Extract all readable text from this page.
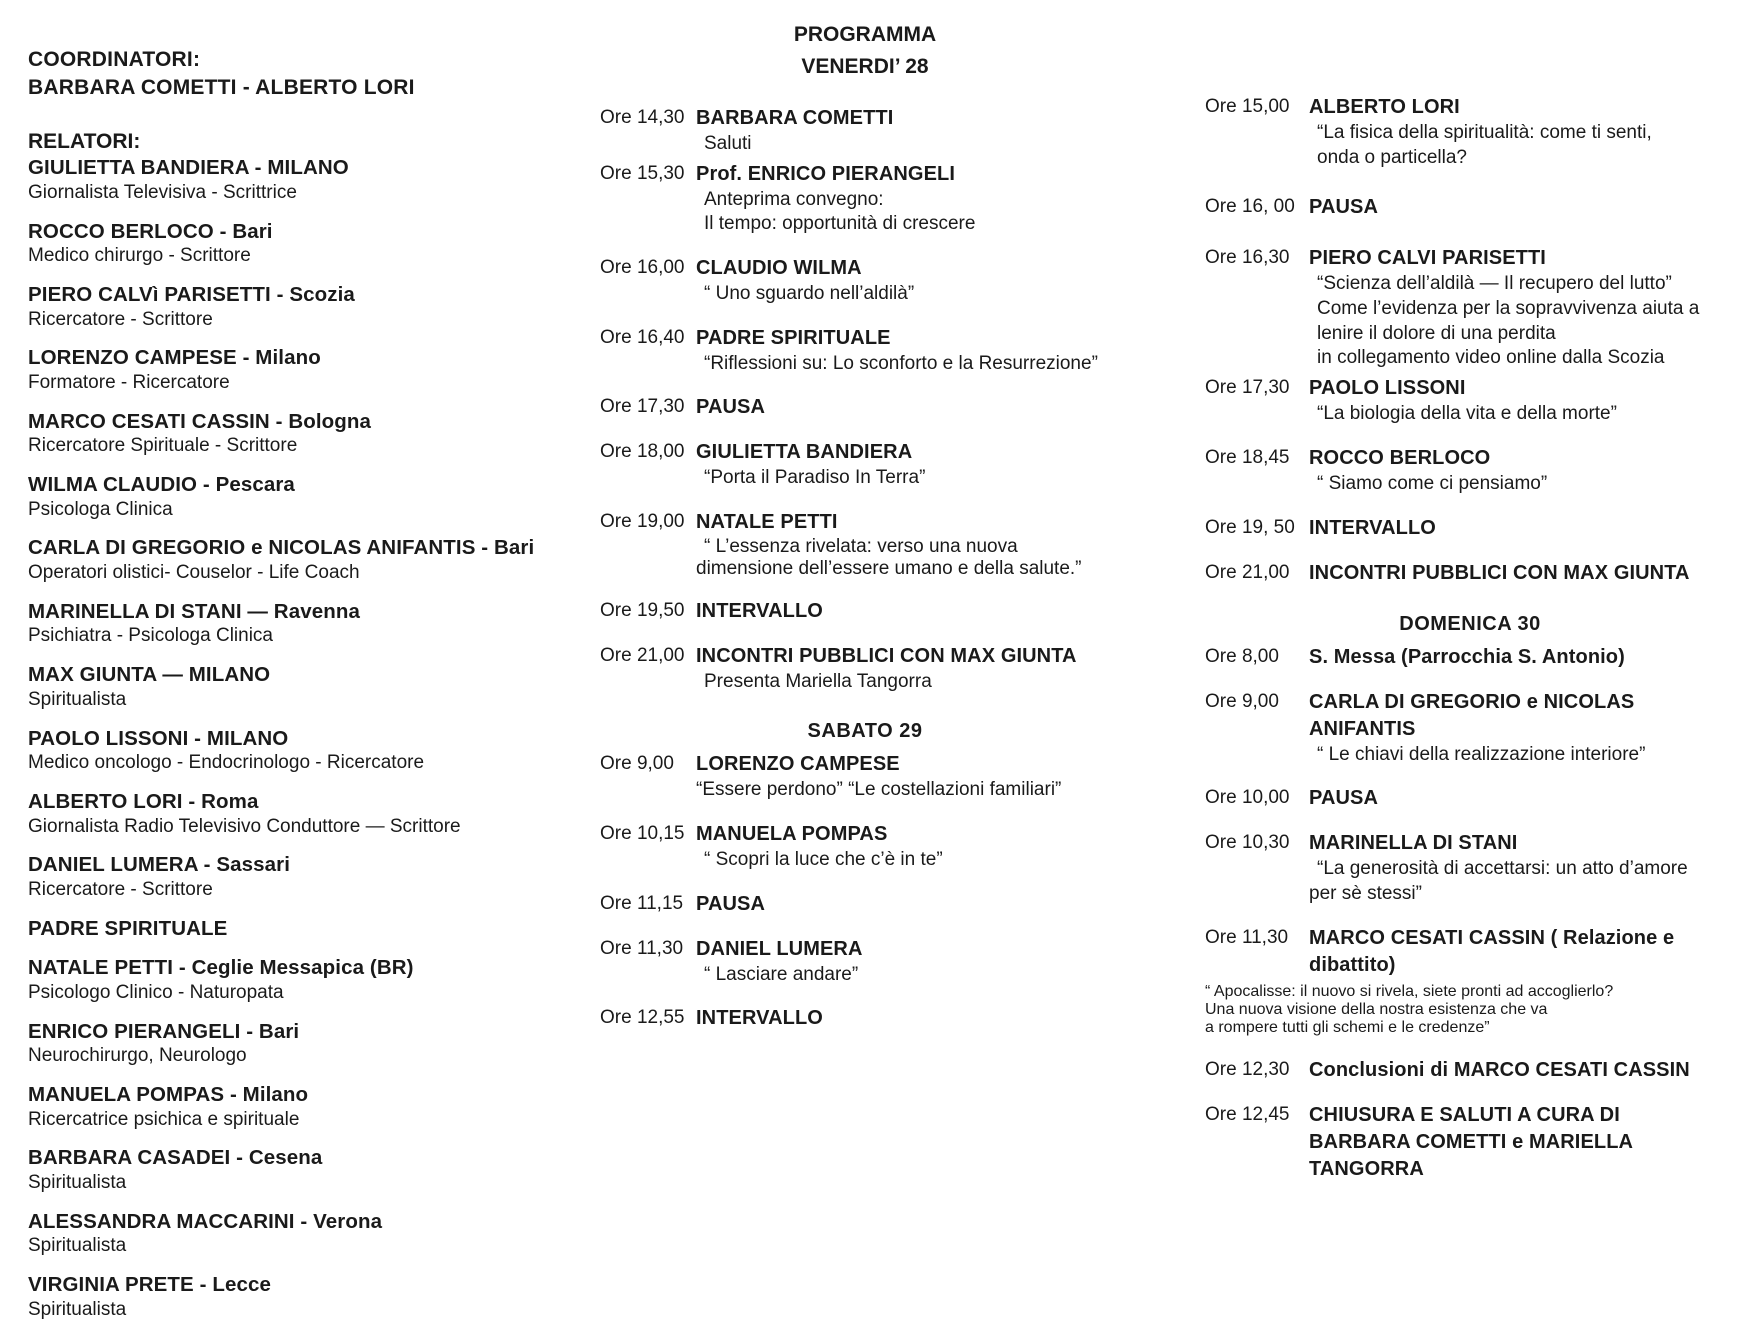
COORDINATORI:
BARBARA COMETTI - ALBERTO LORI
RELATORI:
GIULIETTA BANDIERA - MILANO
Giornalista Televisiva - Scrittrice
ROCCO BERLOCO - Bari
Medico chirurgo - Scrittore
PIERO CALVì PARISETTI - Scozia
Ricercatore - Scrittore
LORENZO CAMPESE - Milano
Formatore - Ricercatore
MARCO CESATI CASSIN - Bologna
Ricercatore Spirituale - Scrittore
WILMA CLAUDIO - Pescara
Psicologa Clinica
CARLA DI GREGORIO e NICOLAS ANIFANTIS - Bari
Operatori olistici- Couselor - Life Coach
MARINELLA DI STANI — Ravenna
Psichiatra - Psicologa Clinica
MAX GIUNTA — MILANO
Spiritualista
PAOLO LISSONI - MILANO
Medico oncologo - Endocrinologo - Ricercatore
ALBERTO LORI - Roma
Giornalista Radio Televisivo Conduttore — Scrittore
DANIEL LUMERA - Sassari
Ricercatore - Scrittore
PADRE SPIRITUALE
NATALE PETTI - Ceglie Messapica (BR)
Psicologo Clinico - Naturopata
ENRICO PIERANGELI - Bari
Neurochirurgo, Neurologo
MANUELA POMPAS - Milano
Ricercatrice psichica e spirituale
BARBARA CASADEI - Cesena
Spiritualista
ALESSANDRA MACCARINI - Verona
Spiritualista
VIRGINIA PRETE - Lecce
Spiritualista
PROGRAMMA
VENERDI’ 28
Ore 14,30 BARBARA COMETTI
Saluti
Ore 15,30 Prof. ENRICO PIERANGELI
Anteprima convegno:
Il tempo: opportunità di crescere
Ore 16,00 CLAUDIO WILMA
“ Uno sguardo nell’aldilà”
Ore 16,40 PADRE SPIRITUALE
“Riflessioni su: Lo sconforto e la Resurrezione”
Ore 17,30 PAUSA
Ore 18,00 GIULIETTA BANDIERA
“Porta il Paradiso In Terra”
Ore 19,00 NATALE PETTI
“ L’essenza rivelata: verso una nuova
dimensione dell’essere umano e della salute.”
Ore 19,50 INTERVALLO
Ore 21,00 INCONTRI PUBBLICI CON MAX GIUNTA
Presenta Mariella Tangorra
SABATO 29
Ore 9,00	LORENZO CAMPESE
“Essere perdono” “Le costellazioni familiari”
Ore 10,15 MANUELA POMPAS
“ Scopri la luce che c’è in te”
Ore 11,15 PAUSA
Ore 11,30 DANIEL LUMERA
“ Lasciare andare”
Ore 12,55 INTERVALLO
Ore 15,00 ALBERTO LORI
“La fisica della spiritualità: come ti senti,
onda o particella?
Ore 16, 00 PAUSA
Ore 16,30 PIERO CALVI PARISETTI
“Scienza dell’aldilà — Il recupero del lutto”
Come l’evidenza per la sopravvivenza aiuta a
lenire il dolore di una perdita
in collegamento video online dalla Scozia
Ore 17,30 PAOLO LISSONI
“La biologia della vita e della morte”
Ore 18,45 ROCCO BERLOCO
“ Siamo come ci pensiamo”
Ore 19, 50 INTERVALLO
Ore 21,00 INCONTRI PUBBLICI CON MAX GIUNTA
DOMENICA 30
Ore 8,00	S. Messa (Parrocchia S. Antonio)
Ore 9,00	CARLA DI GREGORIO e NICOLAS ANIFANTIS
“ Le chiavi della realizzazione interiore”
Ore 10,00 PAUSA
Ore 10,30 MARINELLA DI STANI
“La generosità di accettarsi: un atto d’amore
per sè stessi”
Ore 11,30	MARCO CESATI CASSIN ( Relazione e dibattito)
“ Apocalisse: il nuovo si rivela, siete pronti ad accoglierlo?
Una nuova visione della nostra esistenza che va
a rompere tutti gli schemi e le credenze”
Ore 12,30 Conclusioni di MARCO CESATI CASSIN
Ore 12,45 CHIUSURA E SALUTI A CURA DI
BARBARA COMETTI e MARIELLA TANGORRA
